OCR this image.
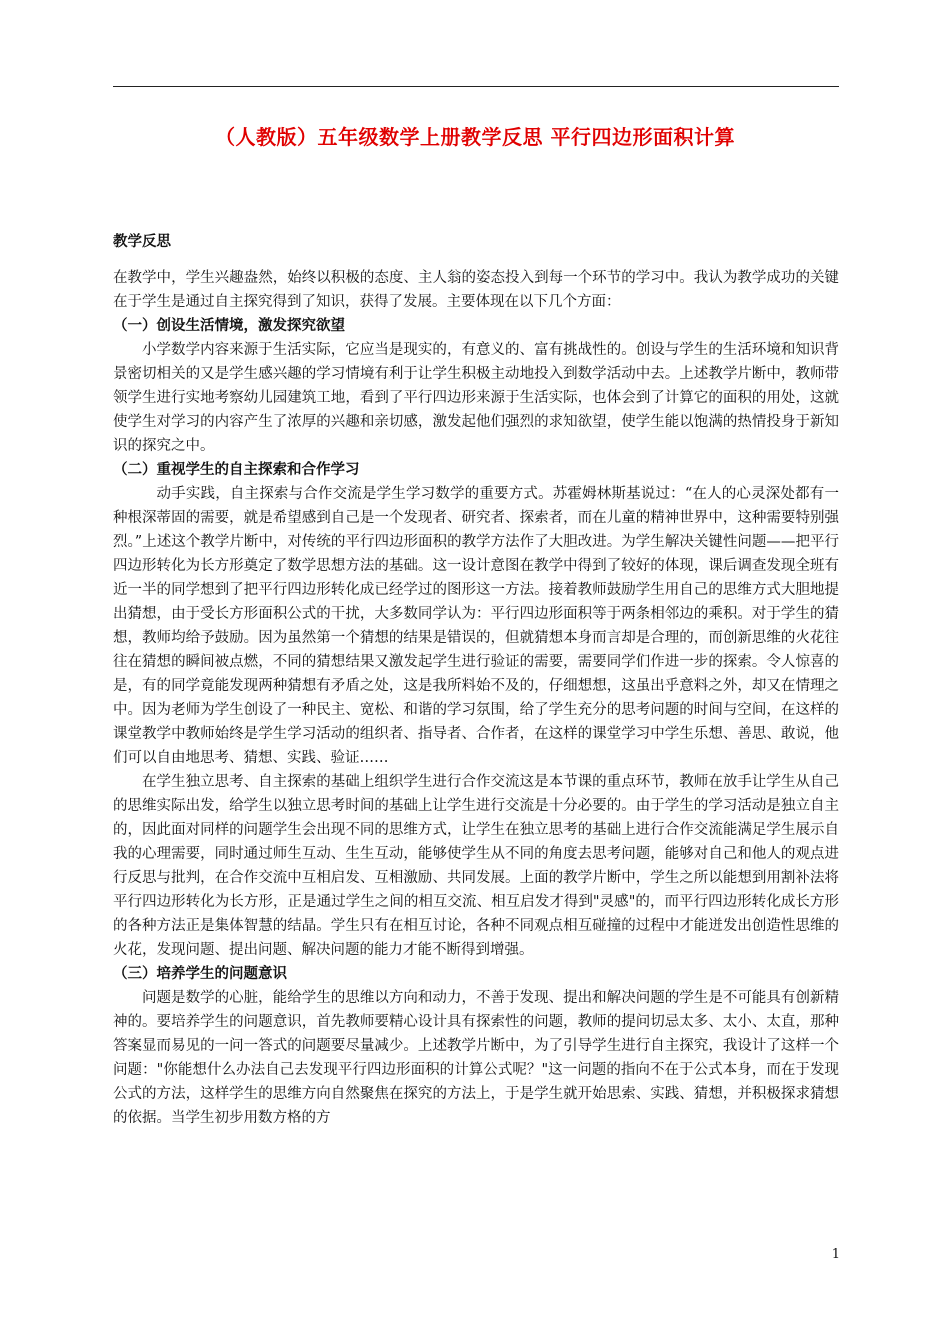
（人教版）五年级数学上册教学反思 平行四边形面积计算

教学反思

在教学中，学生兴趣盎然，始终以积极的态度、主人翁的姿态投入到每一个环节的学习中。我认为教学成功的关键在于学生是通过自主探究得到了知识，获得了发展。主要体现在以下几个方面：

（一）创设生活情境，激发探究欲望

小学数学内容来源于生活实际，它应当是现实的，有意义的、富有挑战性的。创设与学生的生活环境和知识背景密切相关的又是学生感兴趣的学习情境有利于让学生积极主动地投入到数学活动中去。上述教学片断中，教师带领学生进行实地考察幼儿园建筑工地，看到了平行四边形来源于生活实际，也体会到了计算它的面积的用处，这就使学生对学习的内容产生了浓厚的兴趣和亲切感，激发起他们强烈的求知欲望，使学生能以饱满的热情投身于新知识的探究之中。

（二）重视学生的自主探索和合作学习

动手实践，自主探索与合作交流是学生学习数学的重要方式。苏霍姆林斯基说过：“在人的心灵深处都有一种根深蒂固的需要，就是希望感到自己是一个发现者、研究者、探索者，而在儿童的精神世界中，这种需要特别强烈。”上述这个教学片断中，对传统的平行四边形面积的教学方法作了大胆改进。为学生解决关键性问题——把平行四边形转化为长方形奠定了数学思想方法的基础。这一设计意图在教学中得到了较好的体现，课后调查发现全班有近一半的同学想到了把平行四边形转化成已经学过的图形这一方法。接着教师鼓励学生用自己的思维方式大胆地提出猜想，由于受长方形面积公式的干扰，大多数同学认为：平行四边形面积等于两条相邻边的乘积。对于学生的猜想，教师均给予鼓励。因为虽然第一个猜想的结果是错误的，但就猜想本身而言却是合理的，而创新思维的火花往往在猜想的瞬间被点燃，不同的猜想结果又激发起学生进行验证的需要，需要同学们作进一步的探索。令人惊喜的是，有的同学竟能发现两种猜想有矛盾之处，这是我所料始不及的，仔细想想，这虽出乎意料之外，却又在情理之中。因为老师为学生创设了一种民主、宽松、和谐的学习氛围，给了学生充分的思考问题的时间与空间，在这样的课堂教学中教师始终是学生学习活动的组织者、指导者、合作者，在这样的课堂学习中学生乐想、善思、敢说，他们可以自由地思考、猜想、实践、验证……

在学生独立思考、自主探索的基础上组织学生进行合作交流这是本节课的重点环节，教师在放手让学生从自己的思维实际出发，给学生以独立思考时间的基础上让学生进行交流是十分必要的。由于学生的学习活动是独立自主的，因此面对同样的问题学生会出现不同的思维方式，让学生在独立思考的基础上进行合作交流能满足学生展示自我的心理需要，同时通过师生互动、生生互动，能够使学生从不同的角度去思考问题，能够对自己和他人的观点进行反思与批判，在合作交流中互相启发、互相激励、共同发展。上面的教学片断中，学生之所以能想到用割补法将平行四边形转化为长方形，正是通过学生之间的相互交流、相互启发才得到"灵感"的，而平行四边形转化成长方形的各种方法正是集体智慧的结晶。学生只有在相互讨论，各种不同观点相互碰撞的过程中才能迸发出创造性思维的火花，发现问题、提出问题、解决问题的能力才能不断得到增强。

（三）培养学生的问题意识

问题是数学的心脏，能给学生的思维以方向和动力，不善于发现、提出和解决问题的学生是不可能具有创新精神的。要培养学生的问题意识，首先教师要精心设计具有探索性的问题，教师的提问切忌太多、太小、太直，那种答案显而易见的一问一答式的问题要尽量减少。上述教学片断中，为了引导学生进行自主探究，我设计了这样一个问题："你能想什么办法自己去发现平行四边形面积的计算公式呢？"这一问题的指向不在于公式本身，而在于发现公式的方法，这样学生的思维方向自然聚焦在探究的方法上，于是学生就开始思索、实践、猜想，并积极探求猜想的依据。当学生初步用数方格的方

1
